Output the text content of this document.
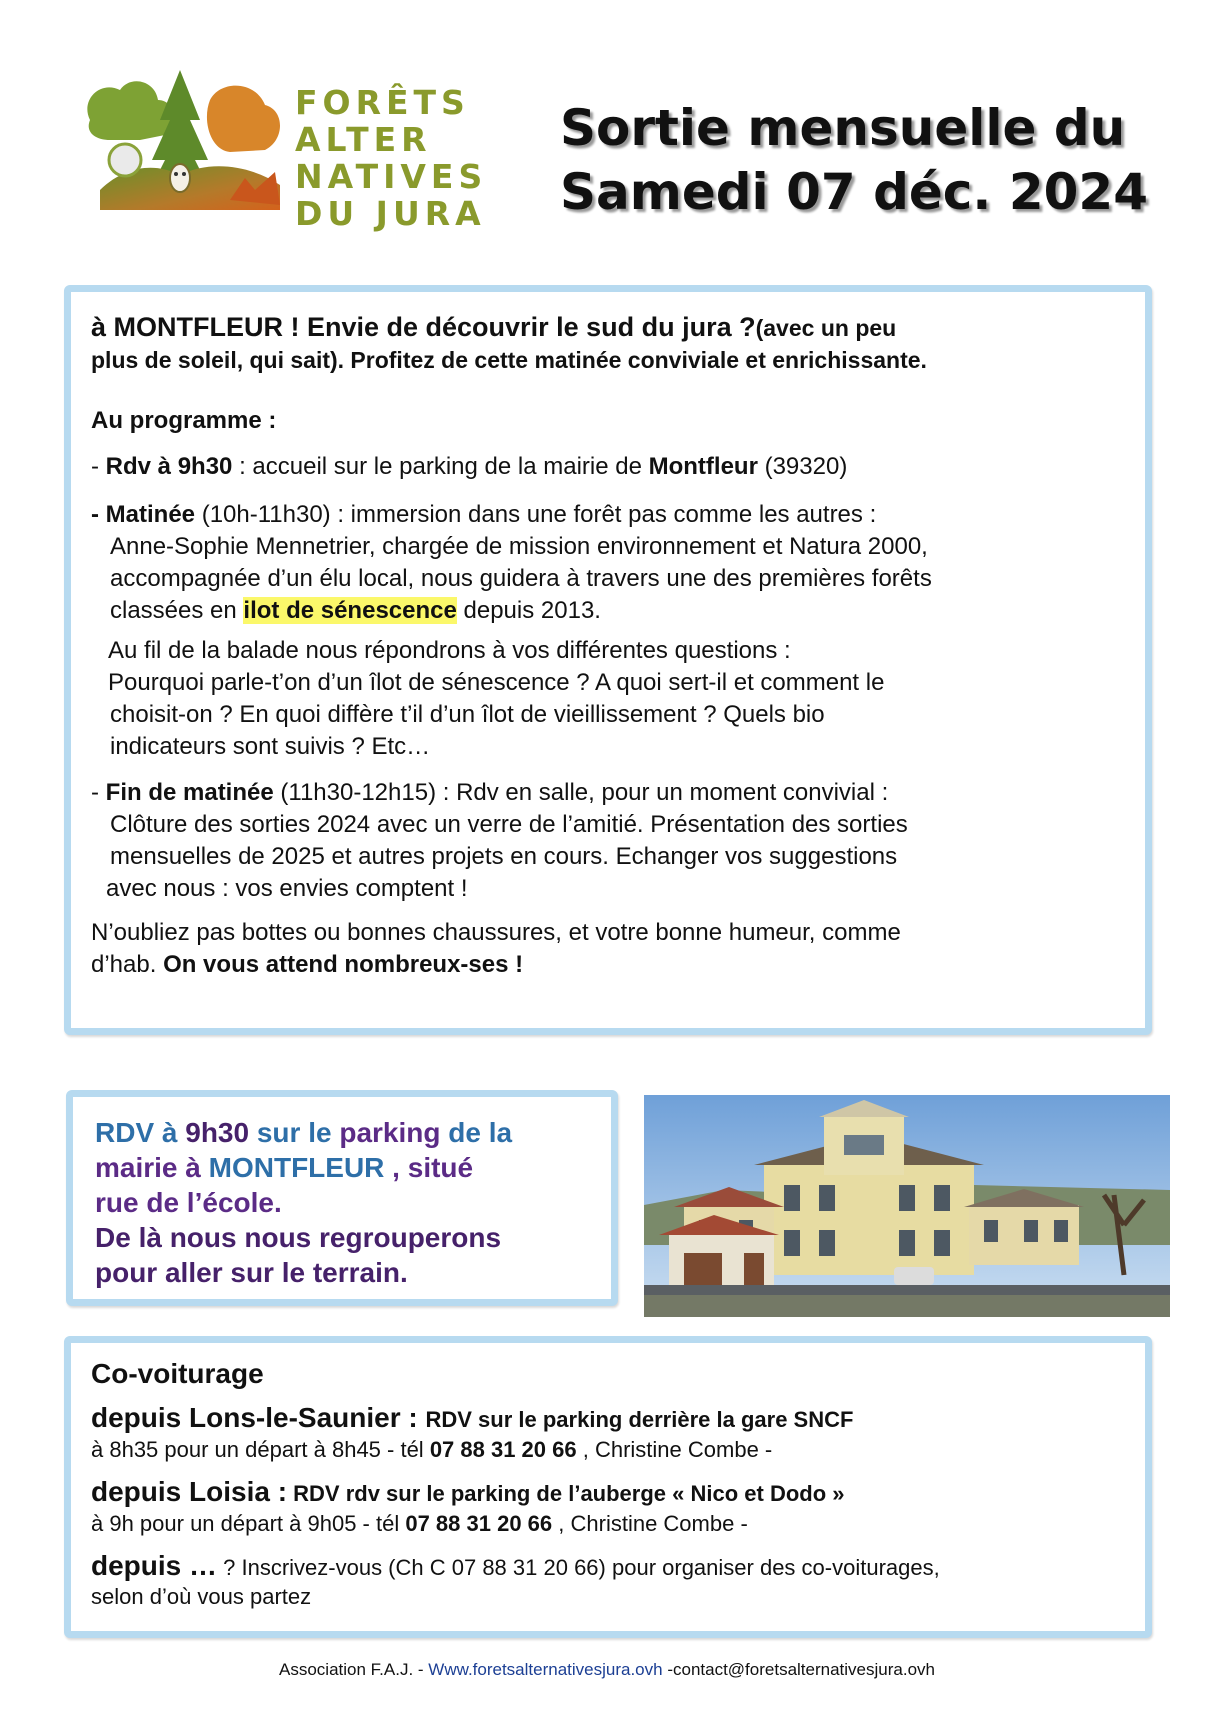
FORÊTS
ALTER
NATIVES
DU JURA
Sortie mensuelle du
Samedi 07 déc. 2024
à MONTFLEUR ! Envie de découvrir le sud du jura ?(avec un peu
plus de soleil, qui sait). Profitez de cette matinée conviviale et enrichissante.
Au programme :
- Rdv à 9h30 : accueil sur le parking de la mairie de Montfleur (39320)
- Matinée (10h-11h30) : immersion dans une forêt pas comme les autres :
Anne-Sophie Mennetrier, chargée de mission environnement et Natura 2000,
accompagnée d’un élu local, nous guidera à travers une des premières forêts
classées en ilot de sénescence depuis 2013.
Au fil de la balade nous répondrons à vos différentes questions :
Pourquoi parle-t’on d’un îlot de sénescence ? A quoi sert-il et comment le
choisit-on ? En quoi diffère t’il d’un îlot de vieillissement ? Quels bio
indicateurs sont suivis ? Etc…
- Fin de matinée (11h30-12h15) : Rdv en salle, pour un moment convivial :
Clôture des sorties 2024 avec un verre de l’amitié. Présentation des sorties
mensuelles de 2025 et autres projets en cours. Echanger vos suggestions
avec nous : vos envies comptent !
N’oubliez pas bottes ou bonnes chaussures, et votre bonne humeur, comme
d’hab. On vous attend nombreux-ses !
RDV à 9h30 sur le parking de la
mairie à MONTFLEUR , situé
rue de l’école.
De là nous nous regrouperons
pour aller sur le terrain.
Co-voiturage
depuis Lons-le-Saunier : RDV sur le parking derrière la gare SNCF
à 8h35 pour un départ à 8h45 - tél 07 88 31 20 66 , Christine Combe -
depuis Loisia : RDV rdv sur le parking de l’auberge « Nico et Dodo »
à 9h pour un départ à 9h05 - tél 07 88 31 20 66 , Christine Combe -
depuis … ? Inscrivez-vous (Ch C 07 88 31 20 66) pour organiser des co-voiturages,
selon d’où vous partez
Association F.A.J. - Www.foretsalternativesjura.ovh -contact@foretsalternativesjura.ovh
